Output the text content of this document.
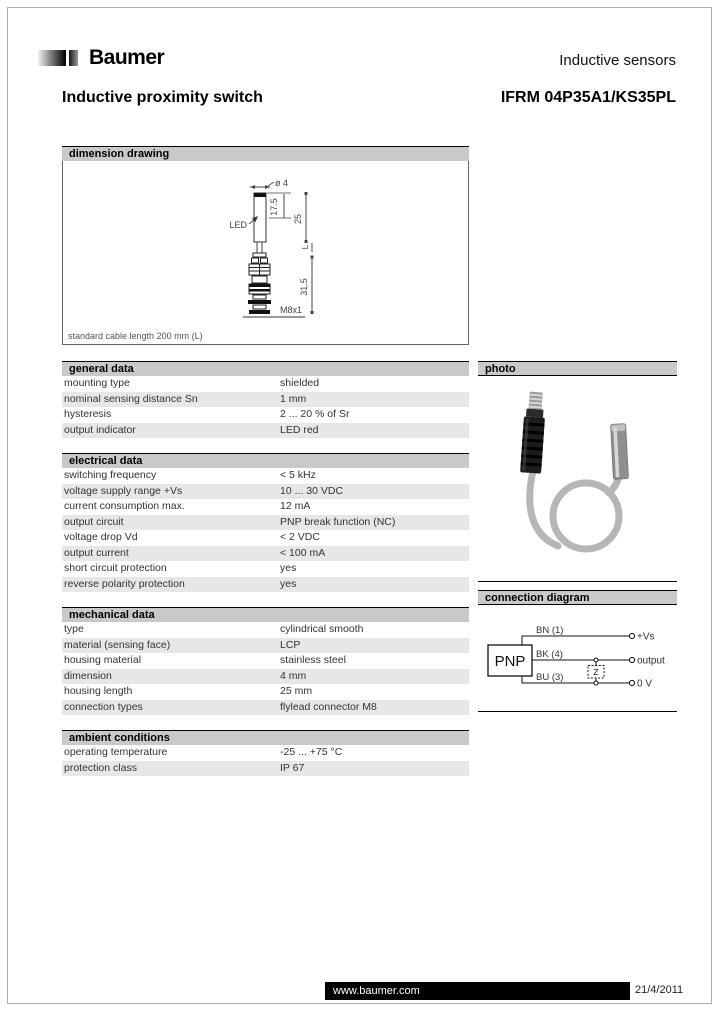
Baumer	Inductive sensors
Inductive proximity switch	IFRM 04P35A1/KS35PL
dimension drawing
ø 4
17.5
25
LED
L
31.5
M8x1
standard cable length 200 mm (L)
general data
mounting type	shielded
nominal sensing distance Sn	1 mm
hysteresis	2 ... 20 % of Sr
output indicator	LED red
electrical data
switching frequency	< 5 kHz
voltage supply range +Vs	10 ... 30 VDC
current consumption max.	12 mA
output circuit	PNP break function (NC)
voltage drop Vd	< 2 VDC
output current	< 100 mA
short circuit protection	yes
reverse polarity protection	yes
mechanical data
type	cylindrical smooth
material (sensing face)	LCP
housing material	stainless steel
dimension	4 mm
housing length	25 mm
connection types	flylead connector M8
ambient conditions
operating temperature	-25 ... +75 °C
protection class	IP 67
photo
connection diagram
PNP
BN (1)
BK (4)
BU (3)	Z
+Vs
output
0 V
www.baumer.com	21/4/2011
